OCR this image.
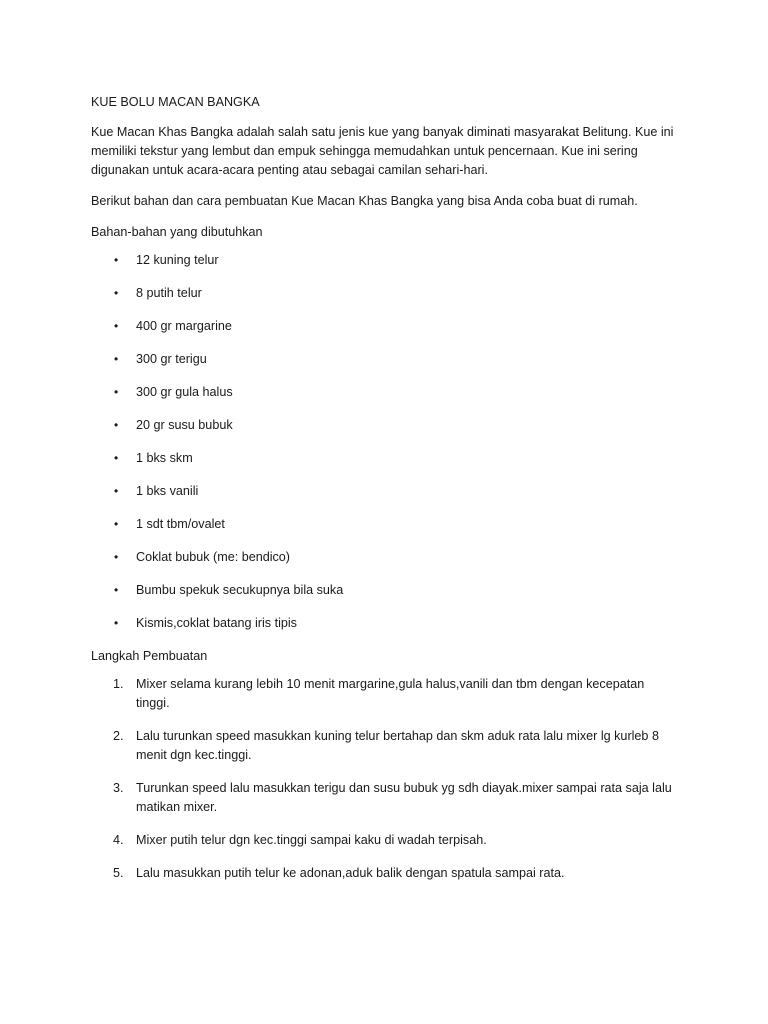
KUE BOLU MACAN BANGKA

Kue Macan Khas Bangka adalah salah satu jenis kue yang banyak diminati masyarakat Belitung. Kue ini memiliki tekstur yang lembut dan empuk sehingga memudahkan untuk pencernaan. Kue ini sering digunakan untuk acara-acara penting atau sebagai camilan sehari-hari.

Berikut bahan dan cara pembuatan Kue Macan Khas Bangka yang bisa Anda coba buat di rumah.

Bahan-bahan yang dibutuhkan
• 12 kuning telur
• 8 putih telur
• 400 gr margarine
• 300 gr terigu
• 300 gr gula halus
• 20 gr susu bubuk
• 1 bks skm
• 1 bks vanili
• 1 sdt tbm/ovalet
• Coklat bubuk (me: bendico)
• Bumbu spekuk secukupnya bila suka
• Kismis,coklat batang iris tipis
Langkah Pembuatan
1. Mixer selama kurang lebih 10 menit margarine,gula halus,vanili dan tbm dengan kecepatan tinggi.
2. Lalu turunkan speed masukkan kuning telur bertahap dan skm aduk rata lalu mixer lg kurleb 8 menit dgn kec.tinggi.
3. Turunkan speed lalu masukkan terigu dan susu bubuk yg sdh diayak.mixer sampai rata saja lalu matikan mixer.
4. Mixer putih telur dgn kec.tinggi sampai kaku di wadah terpisah.
5. Lalu masukkan putih telur ke adonan,aduk balik dengan spatula sampai rata.
